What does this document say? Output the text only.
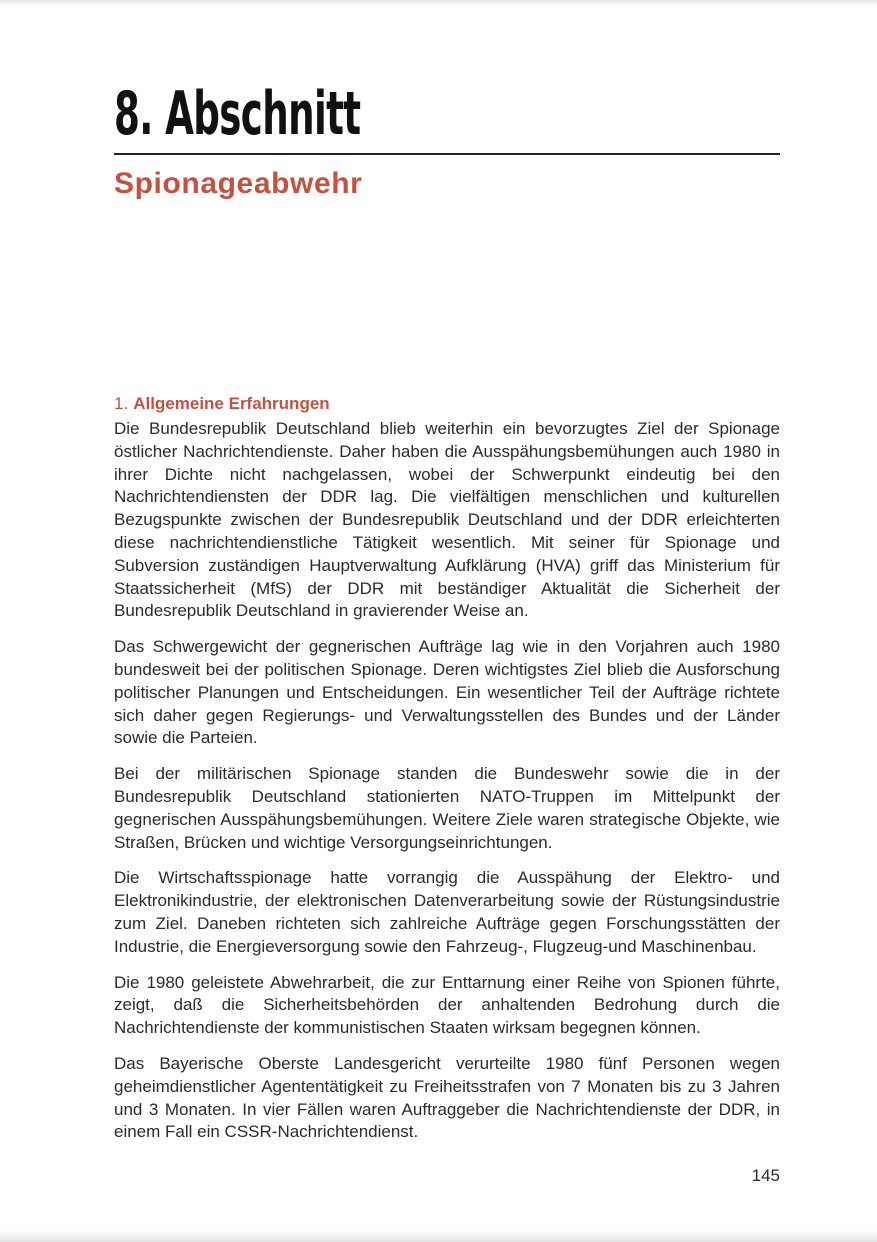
8. Abschnitt
Spionageabwehr
1. Allgemeine Erfahrungen

Die Bundesrepublik Deutschland blieb weiterhin ein bevorzugtes Ziel der Spionage östlicher Nachrichtendienste. Daher haben die Ausspähungsbemühungen auch 1980 in ihrer Dichte nicht nachgelassen, wobei der Schwerpunkt eindeutig bei den Nachrichtendiensten der DDR lag. Die vielfältigen menschlichen und kulturellen Bezugspunkte zwischen der Bundesrepublik Deutschland und der DDR erleichterten diese nachrichtendienstliche Tätigkeit wesentlich. Mit seiner für Spionage und Subversion zuständigen Hauptverwaltung Aufklärung (HVA) griff das Ministerium für Staatssicherheit (MfS) der DDR mit beständiger Aktualität die Sicherheit der Bundesrepublik Deutschland in gravierender Weise an.

Das Schwergewicht der gegnerischen Aufträge lag wie in den Vorjahren auch 1980 bundesweit bei der politischen Spionage. Deren wichtigstes Ziel blieb die Ausforschung politischer Planungen und Entscheidungen. Ein wesentlicher Teil der Aufträge richtete sich daher gegen Regierungs- und Verwaltungsstellen des Bundes und der Länder sowie die Parteien.

Bei der militärischen Spionage standen die Bundeswehr sowie die in der Bundesrepublik Deutschland stationierten NATO-Truppen im Mittelpunkt der gegnerischen Ausspähungsbemühungen. Weitere Ziele waren strategische Objekte, wie Straßen, Brücken und wichtige Versorgungseinrichtungen.

Die Wirtschaftsspionage hatte vorrangig die Ausspähung der Elektro- und Elektronikindustrie, der elektronischen Datenverarbeitung sowie der Rüstungsindustrie zum Ziel. Daneben richteten sich zahlreiche Aufträge gegen Forschungsstätten der Industrie, die Energieversorgung sowie den Fahrzeug-, Flugzeug-und Maschinenbau.

Die 1980 geleistete Abwehrarbeit, die zur Enttarnung einer Reihe von Spionen führte, zeigt, daß die Sicherheitsbehörden der anhaltenden Bedrohung durch die Nachrichtendienste der kommunistischen Staaten wirksam begegnen können.

Das Bayerische Oberste Landesgericht verurteilte 1980 fünf Personen wegen geheimdienstlicher Agententätigkeit zu Freiheitsstrafen von 7 Monaten bis zu 3 Jahren und 3 Monaten. In vier Fällen waren Auftraggeber die Nachrichtendienste der DDR, in einem Fall ein CSSR-Nachrichtendienst.

145
